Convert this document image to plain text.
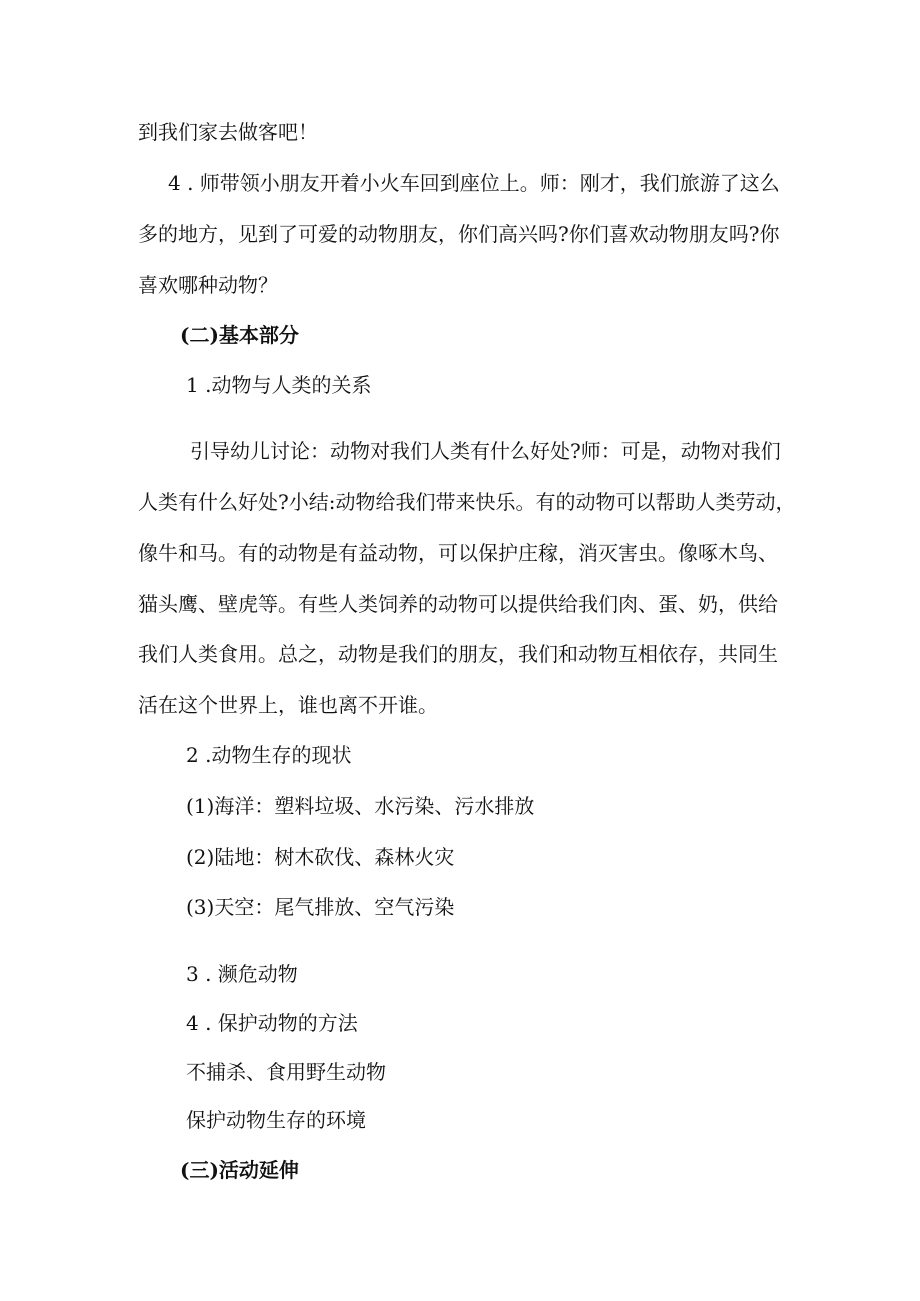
到我们家去做客吧！
4 . 师带领小朋友开着小火车回到座位上。师：刚才，我们旅游了这么
多的地方，见到了可爱的动物朋友，你们高兴吗?你们喜欢动物朋友吗?你
喜欢哪种动物？
(二)基本部分
1 .动物与人类的关系
引导幼儿讨论：动物对我们人类有什么好处?师：可是，动物对我们
人类有什么好处?小结:动物给我们带来快乐。有的动物可以帮助人类劳动，
像牛和马。有的动物是有益动物，可以保护庄稼，消灭害虫。像啄木鸟、
猫头鹰、壁虎等。有些人类饲养的动物可以提供给我们肉、蛋、奶，供给
我们人类食用。总之，动物是我们的朋友，我们和动物互相依存，共同生
活在这个世界上，谁也离不开谁。
2 .动物生存的现状
(1)海洋：塑料垃圾、水污染、污水排放
(2)陆地：树木砍伐、森林火灾
(3)天空：尾气排放、空气污染
3 . 濒危动物
4 . 保护动物的方法
不捕杀、食用野生动物
保护动物生存的环境
(三)活动延伸
